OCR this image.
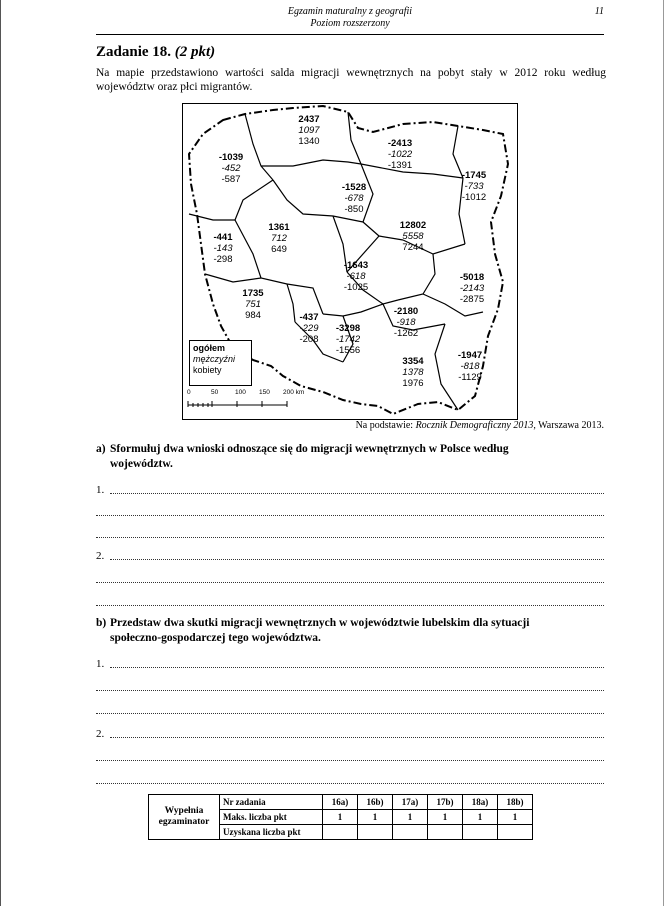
Egzamin maturalny z geografii
Poziom rozszerzony
11
Zadanie 18. (2 pkt)
Na mapie przedstawiono wartości salda migracji wewnętrznych na pobyt stały w 2012 roku według województw oraz płci migrantów.
2437
1097
1340
-1039
-452
-587
-2413
-1022
-1391
-1745
-733
-1012
-1528
-678
-850
1361
712
649
-441
-143
-298
12802
5558
7244
-1643
-618
-1025
1735
751
984
-5018
-2143
-2875
-2180
-918
-1262
-437
-229
-208
-3298
-1742
-1556
3354
1378
1976
-1947
-818
-1129
ogółem
mężczyźni
kobiety
0	50	100 150 200 km
Na podstawie: Rocznik Demograficzny 2013, Warszawa 2013.
a) Sformułuj dwa wnioski odnoszące się do migracji wewnętrznych w Polsce według
województw.
1.
2.
b) Przedstaw dwa skutki migracji wewnętrznych w województwie lubelskim dla sytuacji
społeczno-gospodarczej tego województwa.
1.
2.
Wypełnia egzaminator	Nr zadania	16a)	16b)	17a)	17b)	18a)	18b)
	Maks. liczba pkt	1	1	1	1	1	1
	Uzyskana liczba pkt						
